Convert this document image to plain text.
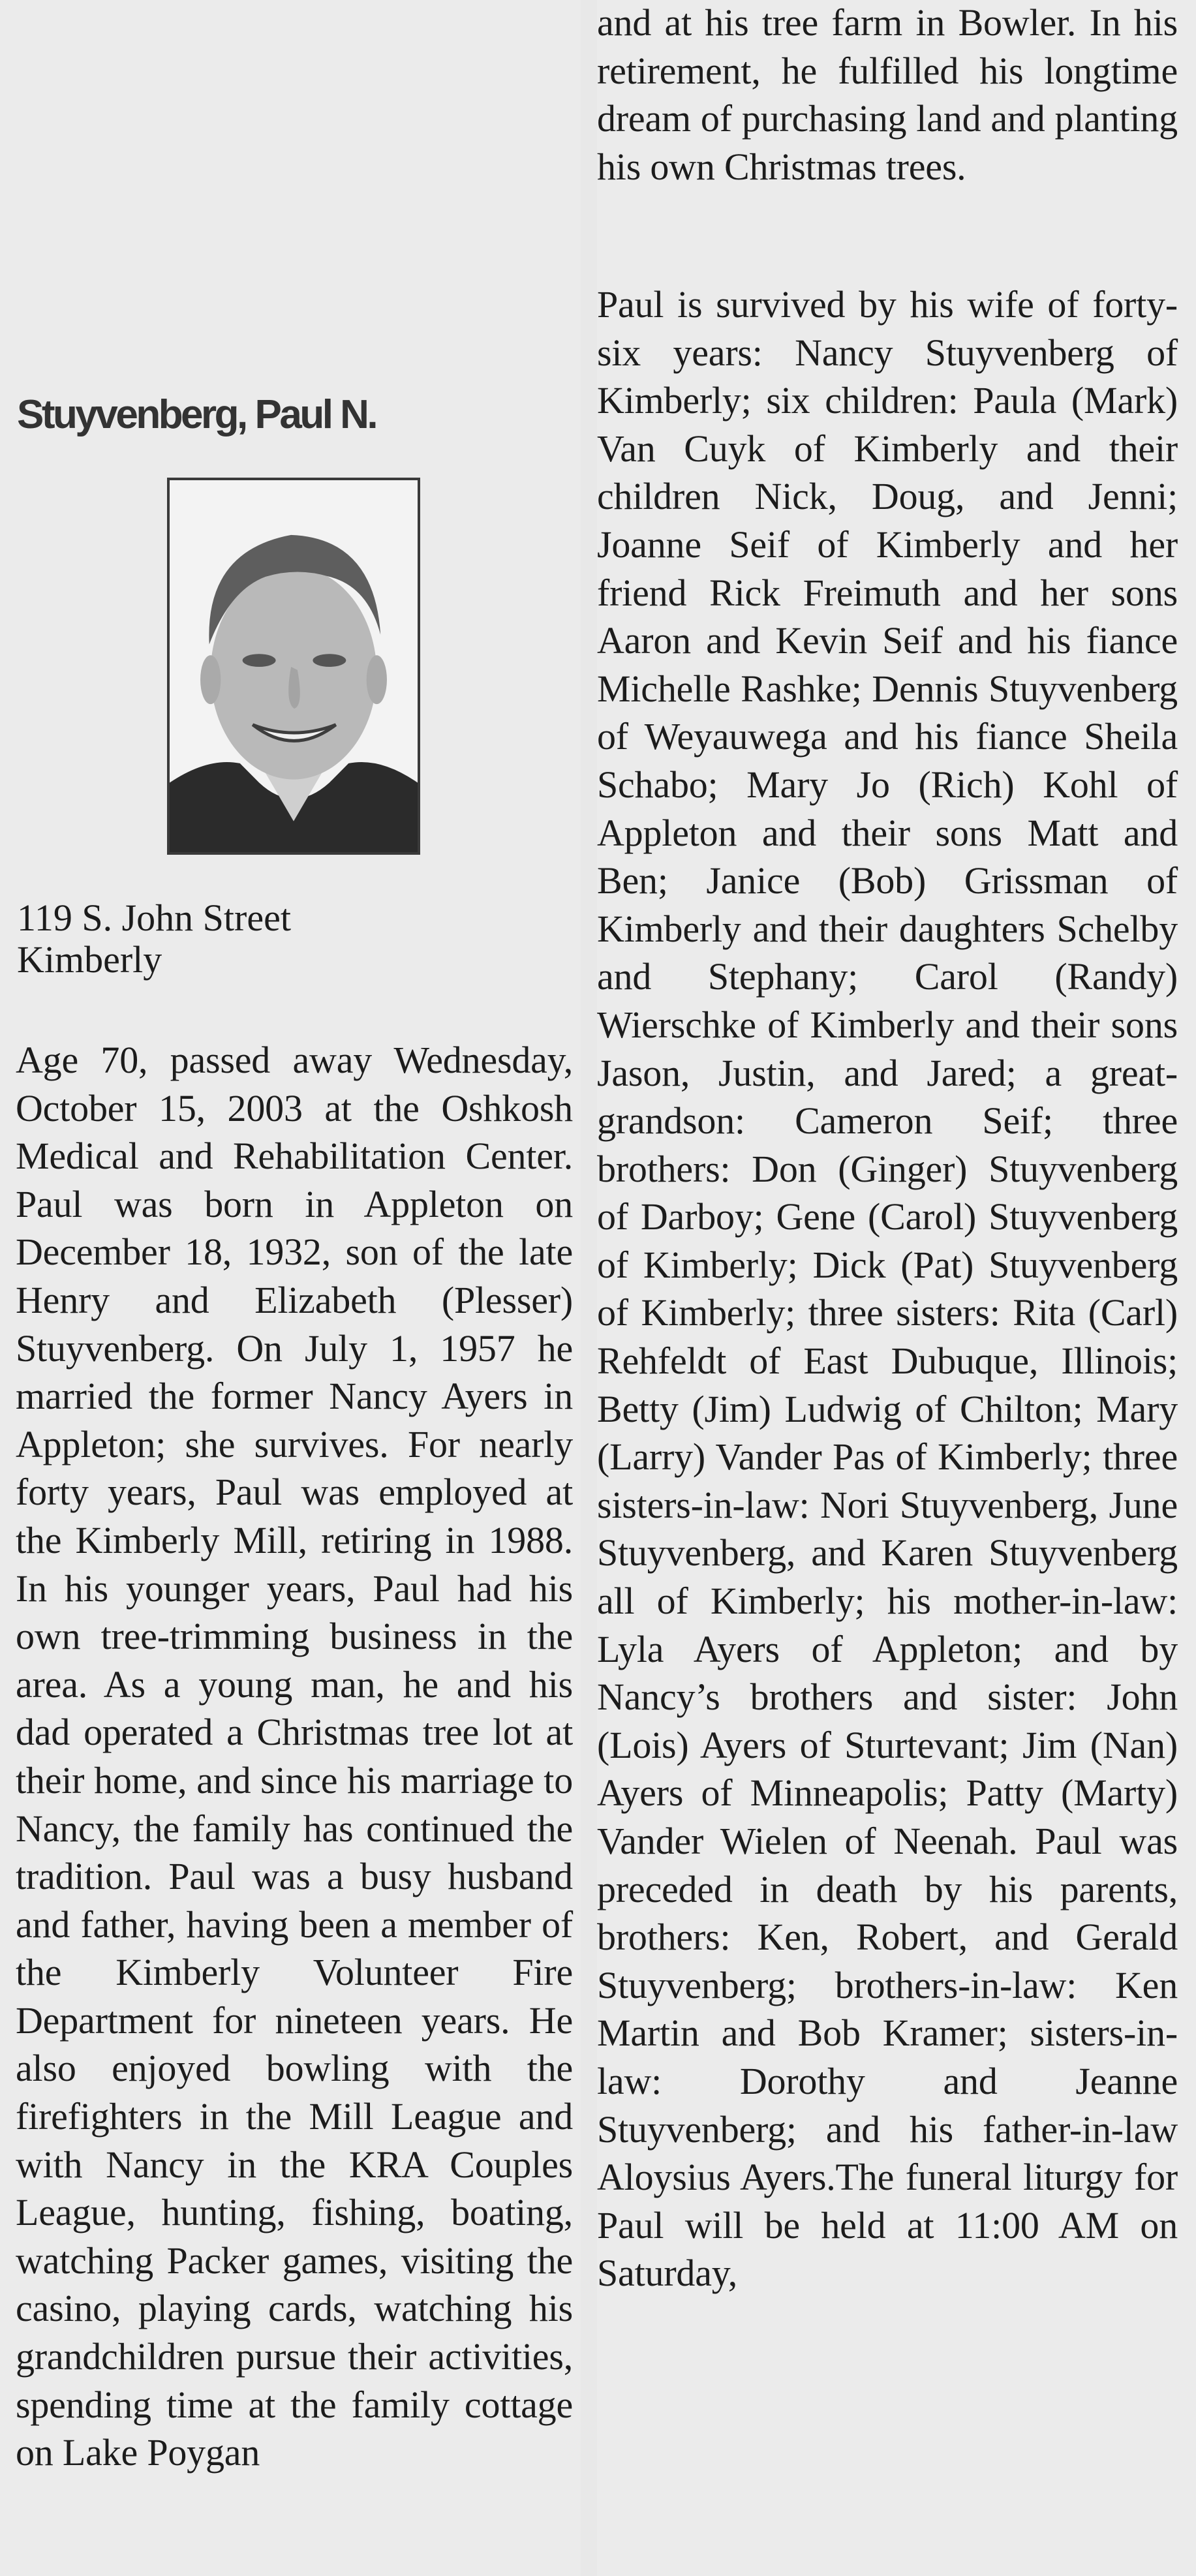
Stuyvenberg, Paul N.
119 S. John Street
Kimberly

Age 70, passed away Wednesday, October 15, 2003 at the Oshkosh Medical and Rehabilitation Center. Paul was born in Appleton on December 18, 1932, son of the late Henry and Elizabeth (Plesser) Stuyvenberg. On July 1, 1957 he married the former Nancy Ayers in Appleton; she survives. For nearly forty years, Paul was employed at the Kimberly Mill, retiring in 1988. In his younger years, Paul had his own tree-trimming business in the area. As a young man, he and his dad operated a Christmas tree lot at their home, and since his marriage to Nancy, the family has continued the tradition. Paul was a busy husband and father, having been a member of the Kimberly Volunteer Fire Department for nineteen years. He also enjoyed bowling with the firefighters in the Mill League and with Nancy in the KRA Couples League, hunting, fishing, boating, watching Packer games, visiting the casino, playing cards, watching his grandchildren pursue their activities, spending time at the family cottage on Lake Poygan

and at his tree farm in Bowler. In his retirement, he fulfilled his longtime dream of purchasing land and planting his own Christmas trees.

Paul is survived by his wife of forty-six years: Nancy Stuyvenberg of Kimberly; six children: Paula (Mark) Van Cuyk of Kimberly and their children Nick, Doug, and Jenni; Joanne Seif of Kimberly and her friend Rick Freimuth and her sons Aaron and Kevin Seif and his fiance Michelle Rashke; Dennis Stuyvenberg of Weyauwega and his fiance Sheila Schabo; Mary Jo (Rich) Kohl of Appleton and their sons Matt and Ben; Janice (Bob) Grissman of Kimberly and their daughters Schelby and Stephany; Carol (Randy) Wierschke of Kimberly and their sons Jason, Justin, and Jared; a great-grandson: Cameron Seif; three brothers: Don (Ginger) Stuyvenberg of Darboy; Gene (Carol) Stuyvenberg of Kimberly; Dick (Pat) Stuyvenberg of Kimberly; three sisters: Rita (Carl) Rehfeldt of East Dubuque, Illinois; Betty (Jim) Ludwig of Chilton; Mary (Larry) Vander Pas of Kimberly; three sisters-in-law: Nori Stuyvenberg, June Stuyvenberg, and Karen Stuyvenberg all of Kimberly; his mother-in-law: Lyla Ayers of Appleton; and by Nancy’s brothers and sister: John (Lois) Ayers of Sturtevant; Jim (Nan) Ayers of Minneapolis; Patty (Marty) Vander Wielen of Neenah. Paul was preceded in death by his parents, brothers: Ken, Robert, and Gerald Stuyvenberg; brothers-in-law: Ken Martin and Bob Kramer; sisters-in-law: Dorothy and Jeanne Stuyvenberg; and his father-in-law Aloysius Ayers.The funeral liturgy for Paul will be held at 11:00 AM on Saturday,
